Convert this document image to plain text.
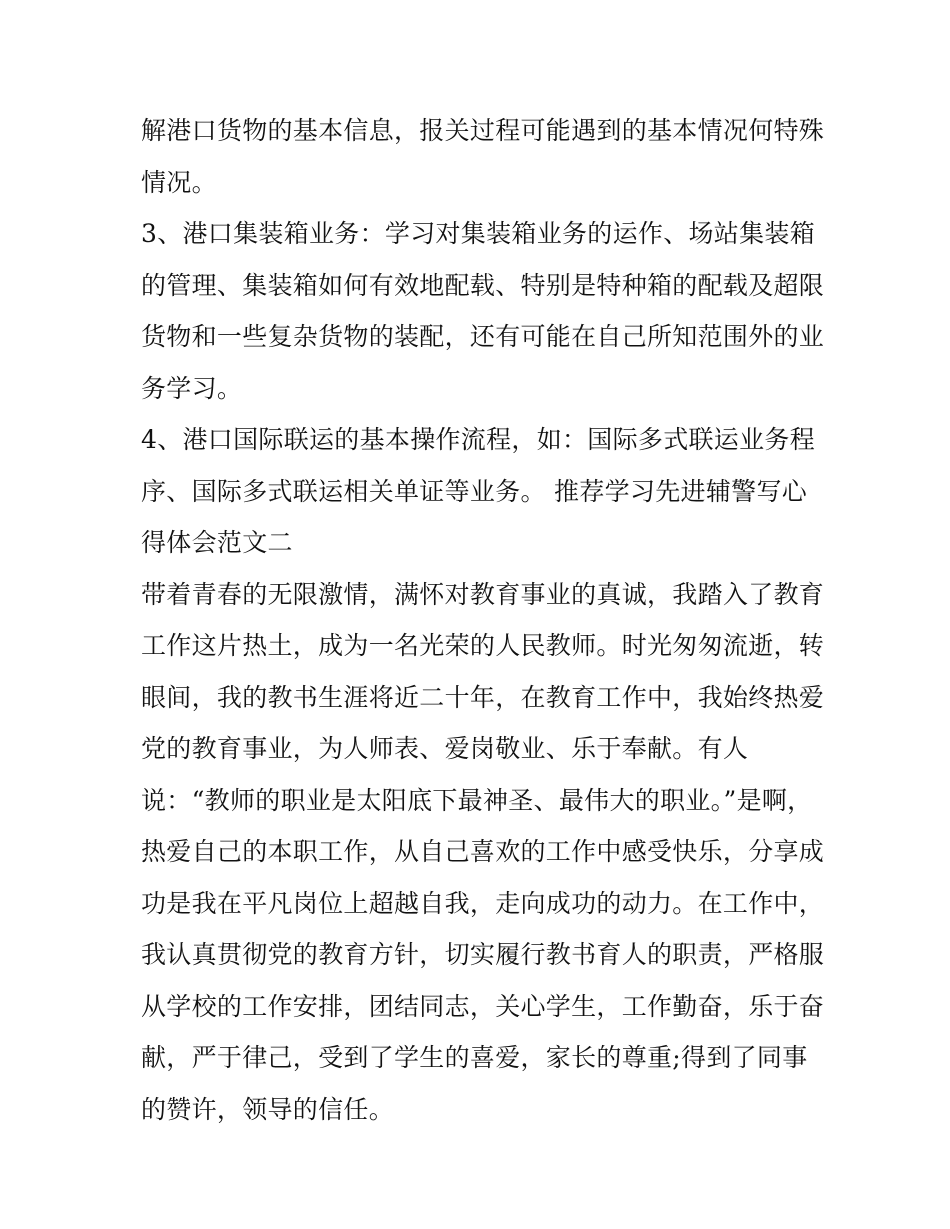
解港口货物的基本信息，报关过程可能遇到的基本情况何特殊
情况。
3、港口集装箱业务：学习对集装箱业务的运作、场站集装箱
的管理、集装箱如何有效地配载、特别是特种箱的配载及超限
货物和一些复杂货物的装配，还有可能在自己所知范围外的业
务学习。
4、港口国际联运的基本操作流程，如：国际多式联运业务程
序、国际多式联运相关单证等业务。 推荐学习先进辅警写心
得体会范文二
带着青春的无限激情，满怀对教育事业的真诚，我踏入了教育
工作这片热土，成为一名光荣的人民教师。时光匆匆流逝，转
眼间，我的教书生涯将近二十年，在教育工作中，我始终热爱
党的教育事业，为人师表、爱岗敬业、乐于奉献。有人
说：“教师的职业是太阳底下最神圣、最伟大的职业。”是啊，
热爱自己的本职工作，从自己喜欢的工作中感受快乐，分享成
功是我在平凡岗位上超越自我，走向成功的动力。在工作中，
我认真贯彻党的教育方针，切实履行教书育人的职责，严格服
从学校的工作安排，团结同志，关心学生，工作勤奋，乐于奋
献，严于律己，受到了学生的喜爱，家长的尊重;得到了同事
的赞许，领导的信任。
